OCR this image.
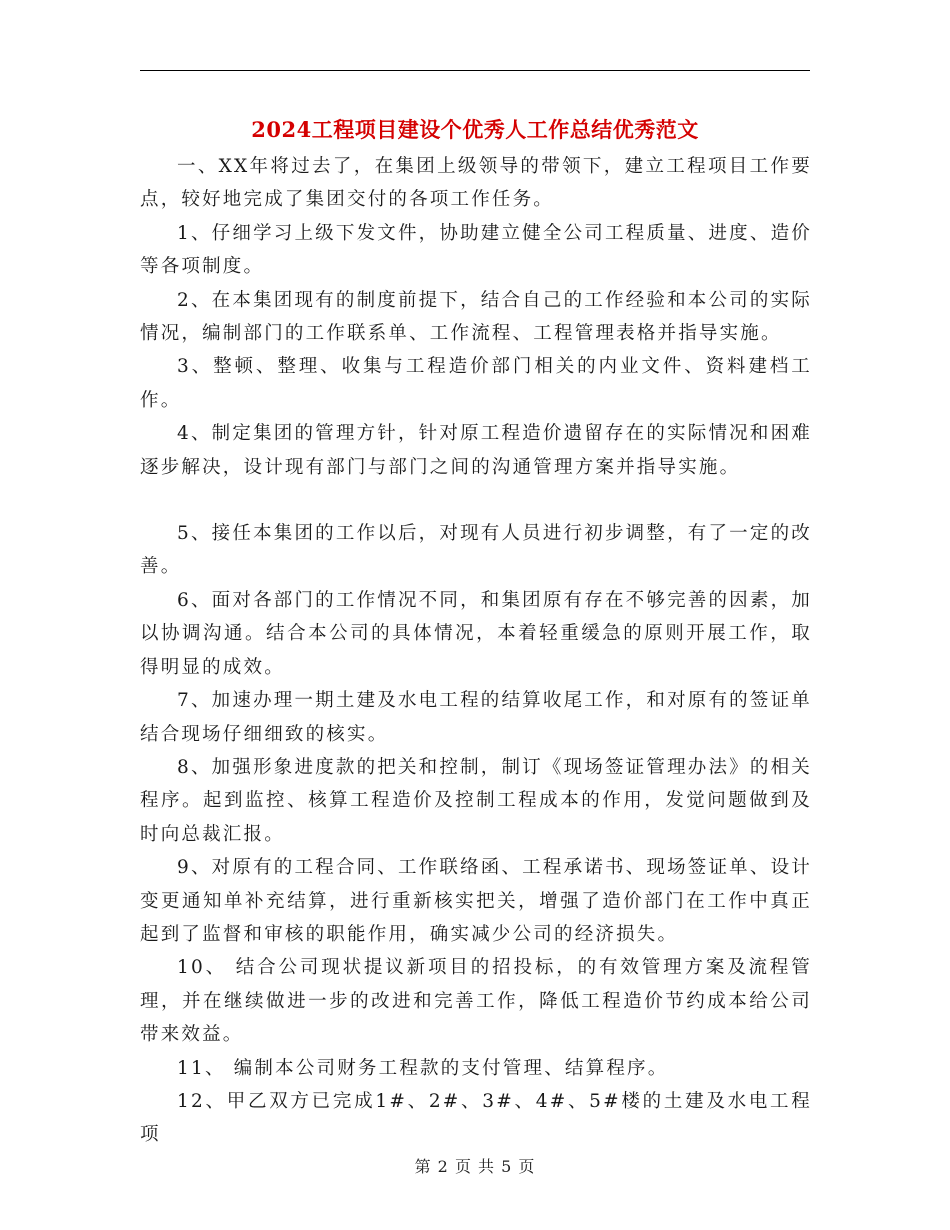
2024工程项目建设个优秀人工作总结优秀范文

一、XX年将过去了，在集团上级领导的带领下，建立工程项目工作要点，较好地完成了集团交付的各项工作任务。

1、仔细学习上级下发文件，协助建立健全公司工程质量、进度、造价等各项制度。

2、在本集团现有的制度前提下，结合自己的工作经验和本公司的实际情况，编制部门的工作联系单、工作流程、工程管理表格并指导实施。

3、整顿、整理、收集与工程造价部门相关的内业文件、资料建档工作。

4、制定集团的管理方针，针对原工程造价遗留存在的实际情况和困难逐步解决，设计现有部门与部门之间的沟通管理方案并指导实施。

5、接任本集团的工作以后，对现有人员进行初步调整，有了一定的改善。

6、面对各部门的工作情况不同，和集团原有存在不够完善的因素，加以协调沟通。结合本公司的具体情况，本着轻重缓急的原则开展工作，取得明显的成效。

7、加速办理一期土建及水电工程的结算收尾工作，和对原有的签证单结合现场仔细细致的核实。

8、加强形象进度款的把关和控制，制订《现场签证管理办法》的相关程序。起到监控、核算工程造价及控制工程成本的作用，发觉问题做到及时向总裁汇报。

9、对原有的工程合同、工作联络函、工程承诺书、现场签证单、设计变更通知单补充结算，进行重新核实把关，增强了造价部门在工作中真正起到了监督和审核的职能作用，确实减少公司的经济损失。

10、 结合公司现状提议新项目的招投标，的有效管理方案及流程管理，并在继续做进一步的改进和完善工作，降低工程造价节约成本给公司带来效益。

11、 编制本公司财务工程款的支付管理、结算程序。

12、甲乙双方已完成1#、2#、3#、4#、5#楼的土建及水电工程项

第 2 页 共 5 页
